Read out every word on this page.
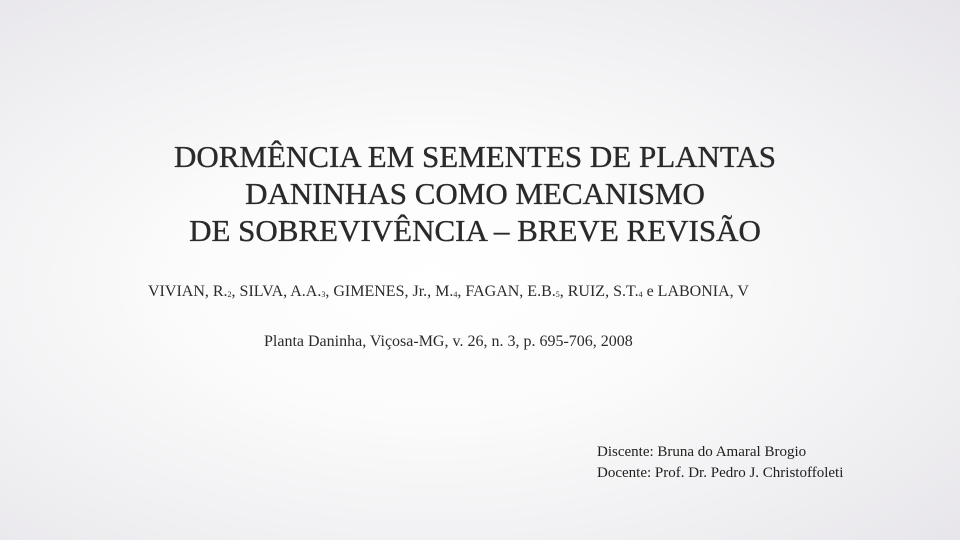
DORMÊNCIA EM SEMENTES DE PLANTAS
DANINHAS COMO MECANISMO
DE SOBREVIVÊNCIA – BREVE REVISÃO
VIVIAN, $R._2$, SILVA, $A.A._3$, GIMENES, Jr., $M._4$, FAGAN, $E.B._5$, RUIZ, $S.T._4$ e LABONIA, V
Planta Daninha, Viçosa-MG, v. 26, n. 3, p. 695-706, 2008
Discente: Bruna do Amaral Brogio
Docente: Prof. Dr. Pedro J. Christoffoleti
